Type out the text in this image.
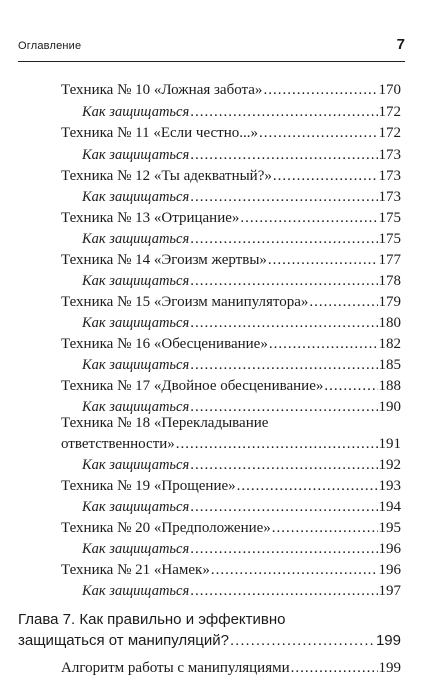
Оглавление	7
Техника № 10 «Ложная забота» .....	170
Как защищаться .....	172
Техника № 11 «Если честно...» .....	172
Как защищаться .....	173
Техника № 12 «Ты адекватный?» .....	173
Как защищаться .....	173
Техника № 13 «Отрицание» .....	175
Как защищаться .....	175
Техника № 14 «Эгоизм жертвы» .....	177
Как защищаться .....	178
Техника № 15 «Эгоизм манипулятора» .....	179
Как защищаться .....	180
Техника № 16 «Обесценивание» .....	182
Как защищаться .....	185
Техника № 17 «Двойное обесценивание» .....	188
Как защищаться .....	190
Техника № 18 «Перекладывание
ответственности» .....	191
Как защищаться .....	192
Техника № 19 «Прощение» .....	193
Как защищаться .....	194
Техника № 20 «Предположение» .....	195
Как защищаться .....	196
Техника № 21 «Намек» .....	196
Как защищаться .....	197
Глава 7. Как правильно и эффективно
защищаться от манипуляций? .....	199
Алгоритм работы с манипуляциями .....	199
